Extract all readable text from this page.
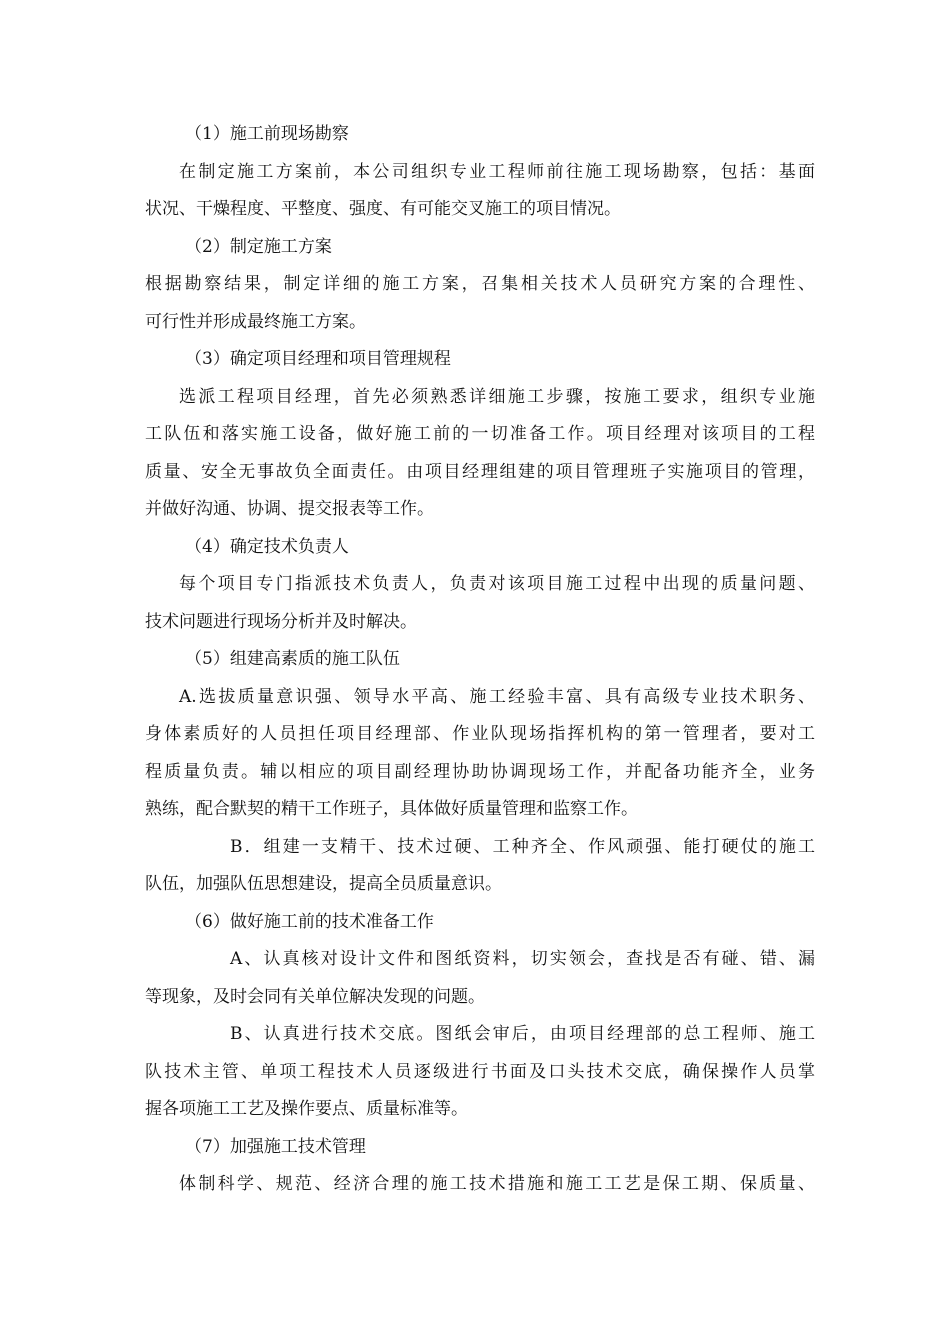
（1）施工前现场勘察
在制定施工方案前，本公司组织专业工程师前往施工现场勘察，包括：基面
状况、干燥程度、平整度、强度、有可能交叉施工的项目情况。
（2）制定施工方案
根据勘察结果，制定详细的施工方案，召集相关技术人员研究方案的合理性、
可行性并形成最终施工方案。
（3）确定项目经理和项目管理规程
选派工程项目经理，首先必须熟悉详细施工步骤，按施工要求，组织专业施
工队伍和落实施工设备，做好施工前的一切准备工作。项目经理对该项目的工程
质量、安全无事故负全面责任。由项目经理组建的项目管理班子实施项目的管理，
并做好沟通、协调、提交报表等工作。
（4）确定技术负责人
每个项目专门指派技术负责人，负责对该项目施工过程中出现的质量问题、
技术问题进行现场分析并及时解决。
（5）组建高素质的施工队伍
A.选拔质量意识强、领导水平高、施工经验丰富、具有高级专业技术职务、
身体素质好的人员担任项目经理部、作业队现场指挥机构的第一管理者，要对工
程质量负责。辅以相应的项目副经理协助协调现场工作，并配备功能齐全，业务
熟练，配合默契的精干工作班子，具体做好质量管理和监察工作。
B．组建一支精干、技术过硬、工种齐全、作风顽强、能打硬仗的施工
队伍，加强队伍思想建设，提高全员质量意识。
（6）做好施工前的技术准备工作
A、认真核对设计文件和图纸资料，切实领会，查找是否有碰、错、漏
等现象，及时会同有关单位解决发现的问题。
B、认真进行技术交底。图纸会审后，由项目经理部的总工程师、施工
队技术主管、单项工程技术人员逐级进行书面及口头技术交底，确保操作人员掌
握各项施工工艺及操作要点、质量标准等。
（7）加强施工技术管理
体制科学、规范、经济合理的施工技术措施和施工工艺是保工期、保质量、
